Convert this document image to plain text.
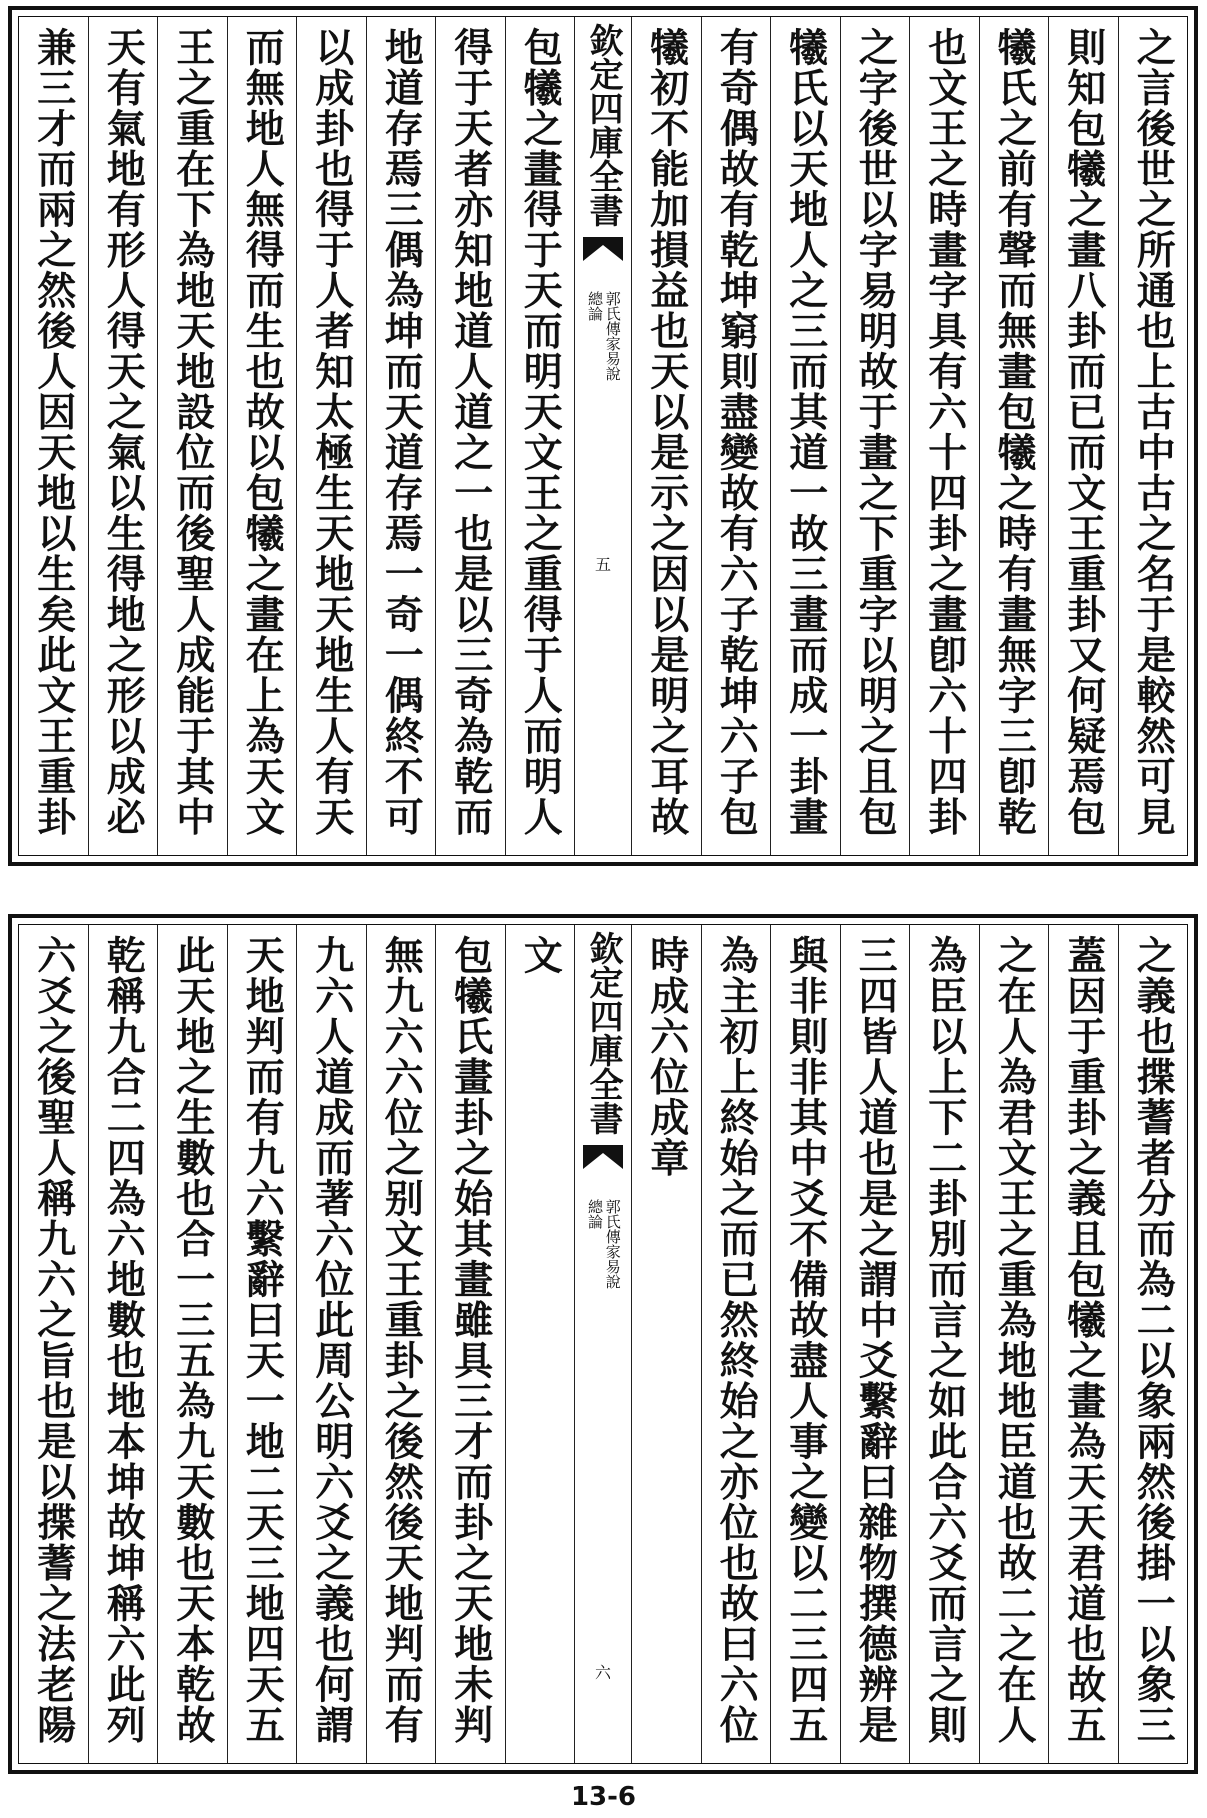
之言後世之所通也上古中古之名于是較然可見
則知包犧之畫八卦而已而文王重卦又何疑焉包
犧氏之前有聲而無畫包犧之時有畫無字三卽乾
也文王之時畫字具有六十四卦之畫卽六十四卦
之字後世以字易明故于畫之下重字以明之且包
犧氏以天地人之三而其道一故三畫而成一卦畫
有奇偶故有乾坤窮則盡變故有六子乾坤六子包
犧初不能加損益也天以是示之因以是明之耳故
欽定四庫全書
郭氏傳家易說
總論
五
包犧之畫得于天而明天文王之重得于人而明人
得于天者亦知地道人道之一也是以三奇為乾而
地道存焉三偶為坤而天道存焉一奇一偶終不可
以成卦也得于人者知太極生天地天地生人有天
而無地人無得而生也故以包犧之畫在上為天文
王之重在下為地天地設位而後聖人成能于其中
天有氣地有形人得天之氣以生得地之形以成必
兼三才而兩之然後人因天地以生矣此文王重卦
之義也揲蓍者分而為二以象兩然後掛一以象三
蓋因于重卦之義且包犧之畫為天天君道也故五
之在人為君文王之重為地地臣道也故二之在人
為臣以上下二卦別而言之如此合六爻而言之則
三四皆人道也是之謂中爻繫辭曰雜物撰德辨是
與非則非其中爻不備故盡人事之變以二三四五
為主初上終始之而已然終始之亦位也故曰六位
時成六位成章
欽定四庫全書
郭氏傳家易說
總論
六
文
包犧氏畫卦之始其畫雖具三才而卦之天地未判
無九六六位之别文王重卦之後然後天地判而有
九六人道成而著六位此周公明六爻之義也何謂
天地判而有九六繫辭曰天一地二天三地四天五
此天地之生數也合一三五為九天數也天本乾故
乾稱九合二四為六地數也地本坤故坤稱六此列
六爻之後聖人稱九六之旨也是以揲蓍之法老陽
13-6
